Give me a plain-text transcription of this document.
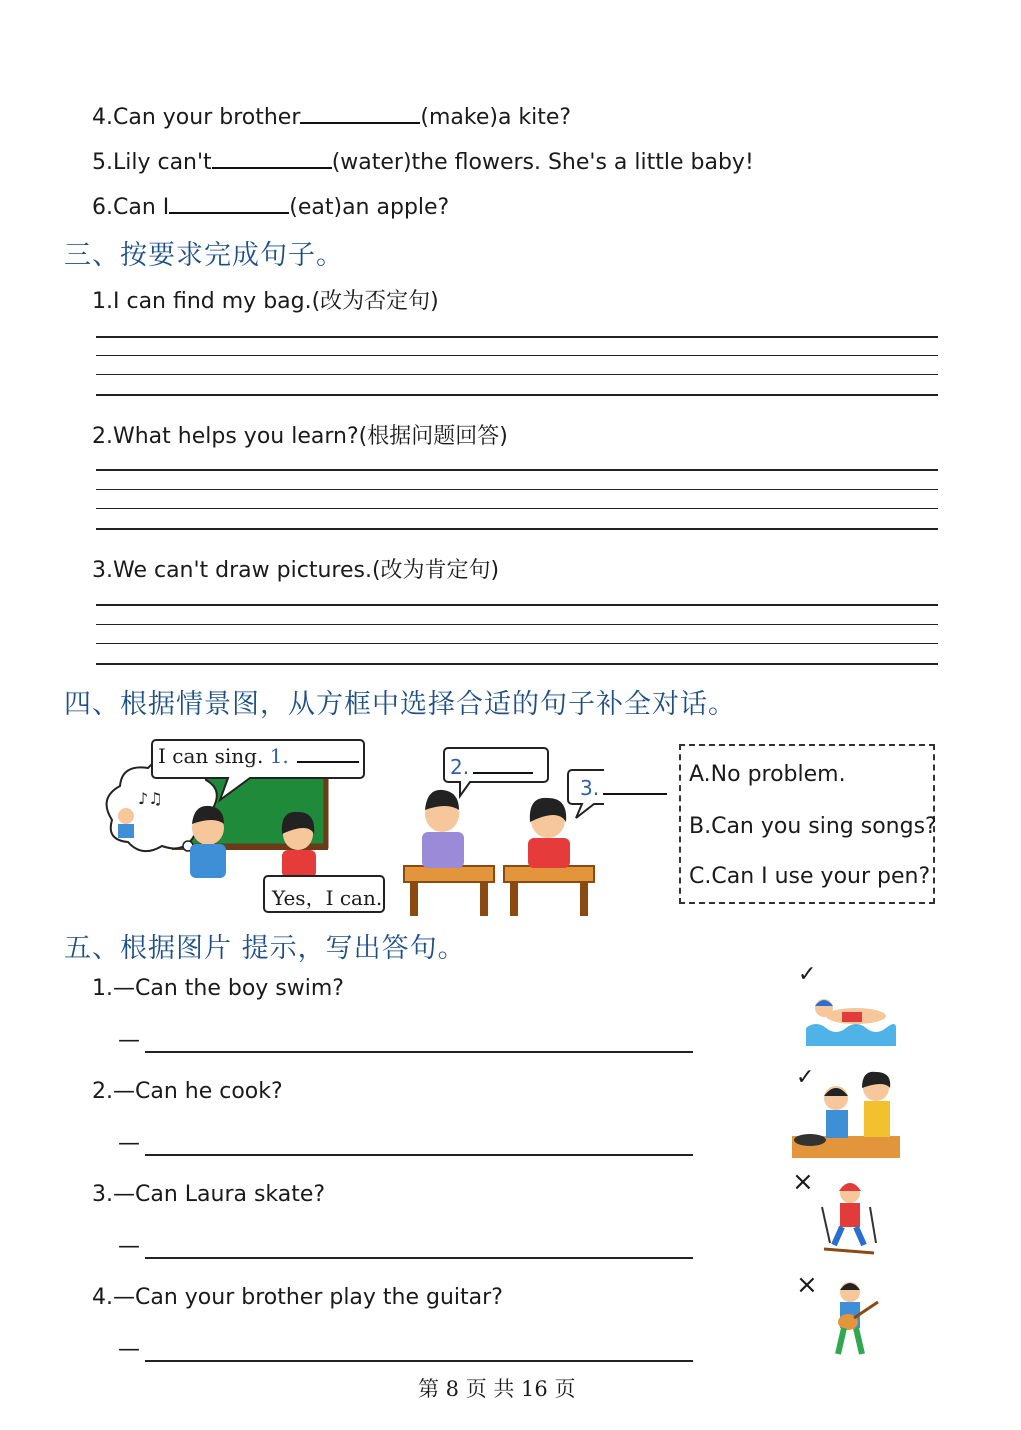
4.Can your brother	(make)a kite?
5.Lily can't	(water)the flowers. She's a little baby!
6.Can I	(eat)an apple?
三、按要求完成句子。
1.I can find my bag.(改为否定句)
2.What helps you learn?(根据问题回答)
3.We can't draw pictures.(改为肯定句)
四、根据情景图，从方框中选择合适的句子补全对话。
♪♫
I can sing. 1.
Yes，I can.
2.
3.
A.No problem.
B.Can you sing songs?
C.Can I use your pen?
五、根据图片 提示，写出答句。
1.—Can the boy swim?
—
2.—Can he cook?
—
3.—Can Laura skate?
—
4.—Can your brother play the guitar?
—
✓
✓
×
×
第 8 页 共 16 页
